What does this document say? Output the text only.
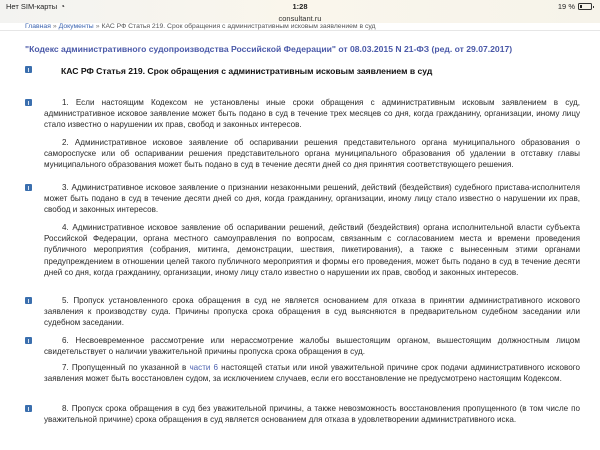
Нет SIM-карты ◔	1:28	19 %
consultant.ru
Главная » Документы » КАС РФ Статья 219. Срок обращения с административным исковым заявлением в суд
"Кодекс административного судопроизводства Российской Федерации" от 08.03.2015 N 21-ФЗ (ред. от 29.07.2017)
КАС РФ Статья 219. Срок обращения с административным исковым заявлением в суд

1. Если настоящим Кодексом не установлены иные сроки обращения с административным исковым заявлением в суд, административное исковое заявление может быть подано в суд в течение трех месяцев со дня, когда гражданину, организации, иному лицу стало известно о нарушении их прав, свобод и законных интересов.

2. Административное исковое заявление об оспаривании решения представительного органа муниципального образования о самороспуске или об оспаривании решения представительного органа муниципального образования об удалении в отставку главы муниципального образования может быть подано в суд в течение десяти дней со дня принятия соответствующего решения.

3. Административное исковое заявление о признании незаконными решений, действий (бездействия) судебного пристава-исполнителя может быть подано в суд в течение десяти дней со дня, когда гражданину, организации, иному лицу стало известно о нарушении их прав, свобод и законных интересов.

4. Административное исковое заявление об оспаривании решений, действий (бездействия) органа исполнительной власти субъекта Российской Федерации, органа местного самоуправления по вопросам, связанным с согласованием места и времени проведения публичного мероприятия (собрания, митинга, демонстрации, шествия, пикетирования), а также с вынесенным этими органами предупреждением в отношении целей такого публичного мероприятия и формы его проведения, может быть подано в суд в течение десяти дней со дня, когда гражданину, организации, иному лицу стало известно о нарушении их прав, свобод и законных интересов.

5. Пропуск установленного срока обращения в суд не является основанием для отказа в принятии административного искового заявления к производству суда. Причины пропуска срока обращения в суд выясняются в предварительном судебном заседании или судебном заседании.

6. Несвоевременное рассмотрение или нерассмотрение жалобы вышестоящим органом, вышестоящим должностным лицом свидетельствует о наличии уважительной причины пропуска срока обращения в суд.

7. Пропущенный по указанной в части 6 настоящей статьи или иной уважительной причине срок подачи административного искового заявления может быть восстановлен судом, за исключением случаев, если его восстановление не предусмотрено настоящим Кодексом.

8. Пропуск срока обращения в суд без уважительной причины, а также невозможность восстановления пропущенного (в том числе по уважительной причине) срока обращения в суд является основанием для отказа в удовлетворении административного иска.
